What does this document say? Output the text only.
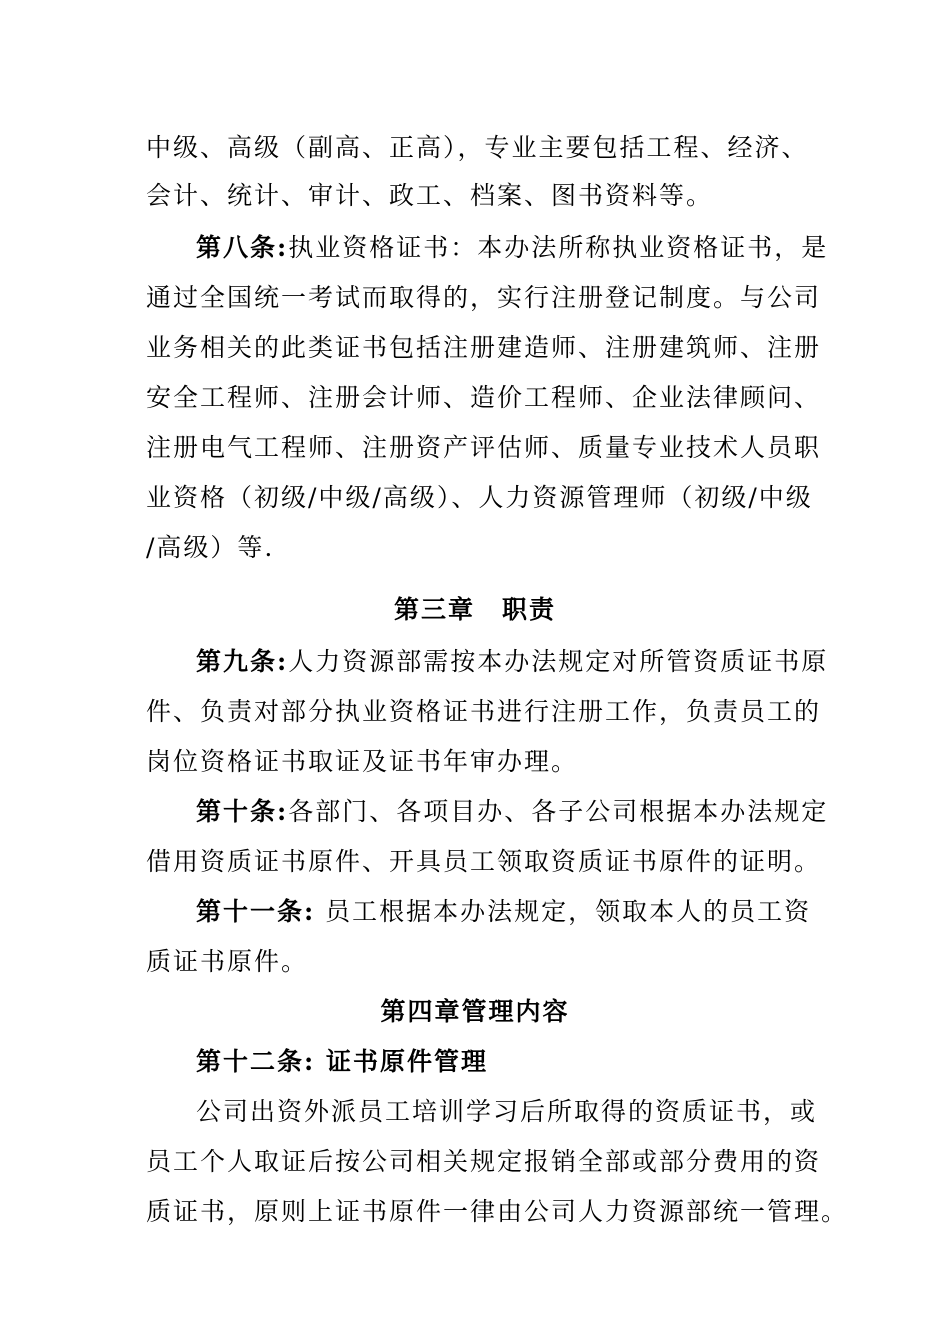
中级、高级（副高、正高），专业主要包括工程、经济、
会计、统计、审计、政工、档案、图书资料等。
第八条:执业资格证书：本办法所称执业资格证书，是
通过全国统一考试而取得的，实行注册登记制度。与公司
业务相关的此类证书包括注册建造师、注册建筑师、注册
安全工程师、注册会计师、造价工程师、企业法律顾问、
注册电气工程师、注册资产评估师、质量专业技术人员职
业资格（初级/中级/高级）、人力资源管理师（初级/中级
/高级）等.
第三章　职责
第九条:人力资源部需按本办法规定对所管资质证书原
件、负责对部分执业资格证书进行注册工作，负责员工的
岗位资格证书取证及证书年审办理。
第十条:各部门、各项目办、各子公司根据本办法规定
借用资质证书原件、开具员工领取资质证书原件的证明。
第十一条: 员工根据本办法规定，领取本人的员工资
质证书原件。
第四章管理内容
第十二条: 证书原件管理
公司出资外派员工培训学习后所取得的资质证书，或
员工个人取证后按公司相关规定报销全部或部分费用的资
质证书，原则上证书原件一律由公司人力资源部统一管理。
